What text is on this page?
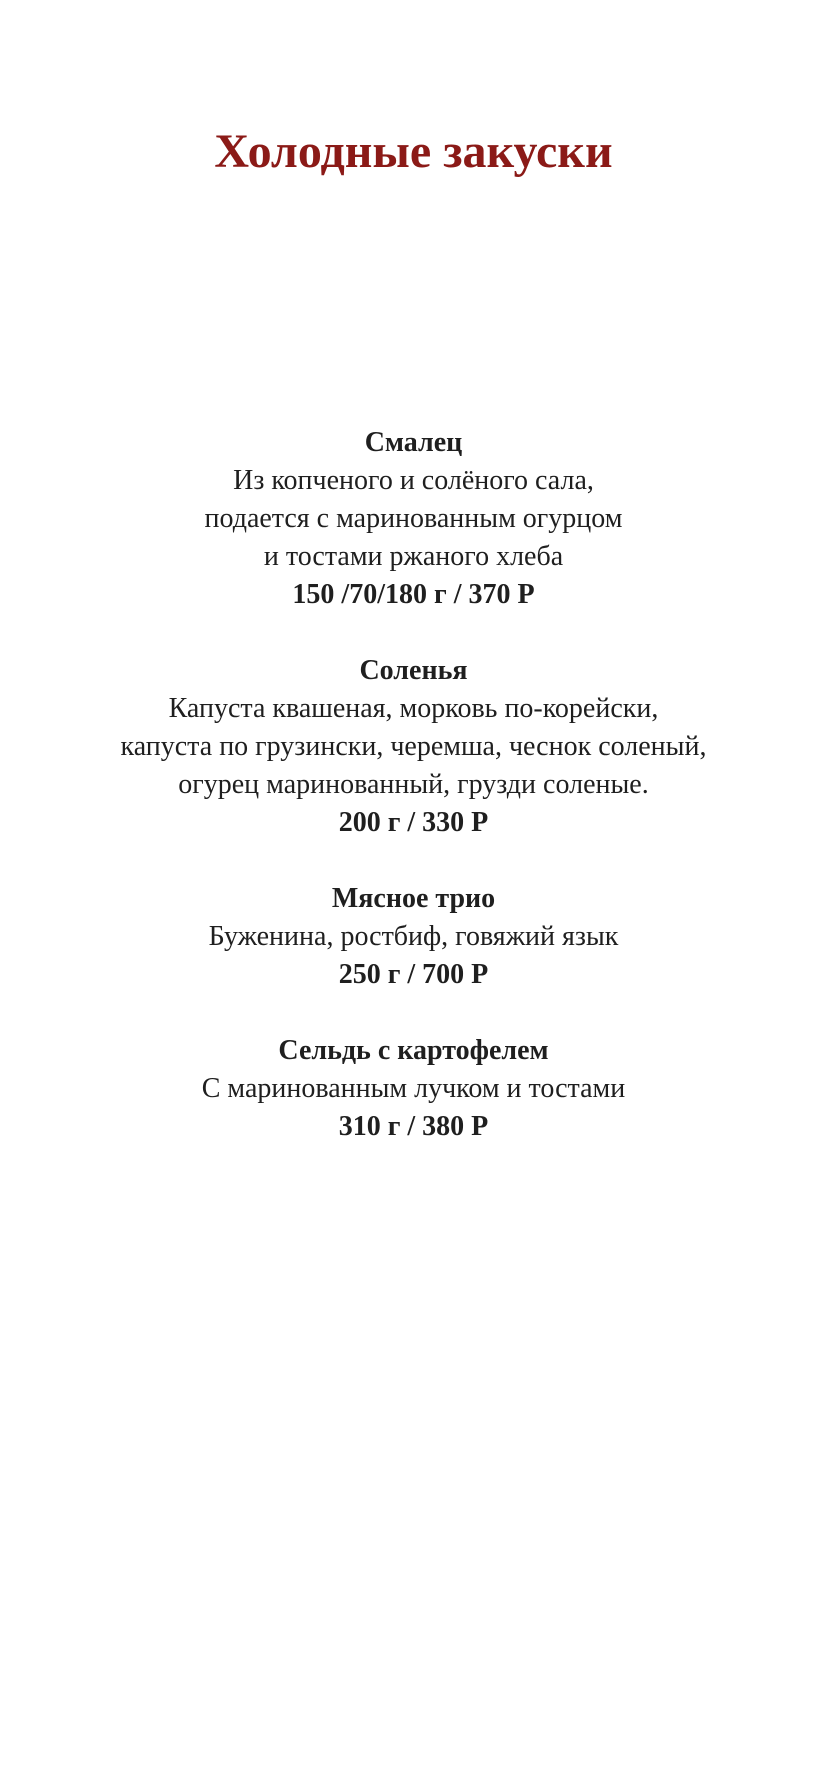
Холодные закуски
Смалец
Из копченого и солёного сала,
подается с маринованным огурцом
и тостами ржаного хлеба
150 /70/180 г / 370 Р
Соленья
Капуста квашеная, морковь по-корейски,
капуста по грузински, черемша, чеснок соленый,
огурец маринованный, грузди соленые.
200 г / 330 Р
Мясное трио
Буженина, ростбиф, говяжий язык
250 г / 700 Р
Сельдь с картофелем
С маринованным лучком и тостами
310 г / 380 Р
